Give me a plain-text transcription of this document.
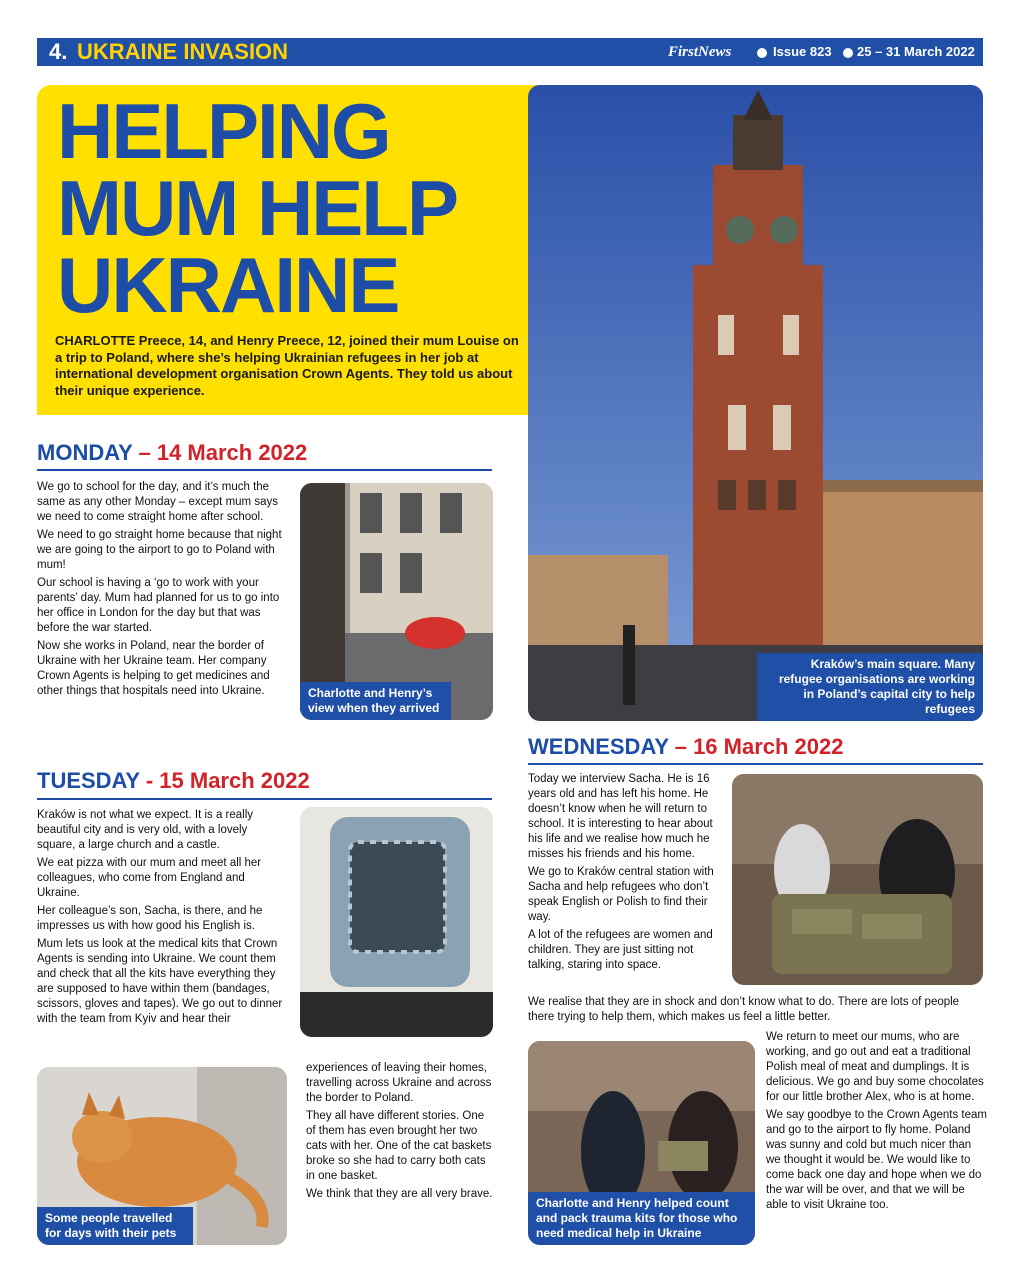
4. UKRAINE INVASION	FirstNews	Issue 823 25 – 31 March 2022
HELPING MUM HELP UKRAINE

CHARLOTTE Preece, 14, and Henry Preece, 12, joined their mum Louise on a trip to Poland, where she’s helping Ukrainian refugees in her job at international development organisation Crown Agents. They told us about their unique experience.

Kraków’s main square. Many refugee organisations are working in Poland’s capital city to help refugees
MONDAY – 14 March 2022

We go to school for the day, and it’s much the same as any other Monday – except mum says we need to come straight home after school.

We need to go straight home because that night we are going to the airport to go to Poland with mum!

Our school is having a ‘go to work with your parents’ day. Mum had planned for us to go into her office in London for the day but that was before the war started.

Now she works in Poland, near the border of Ukraine with her Ukraine team. Her company Crown Agents is helping to get medicines and other things that hospitals need into Ukraine.	Charlotte and Henry’s view when they arrived
TUESDAY - 15 March 2022

Kraków is not what we expect. It is a really beautiful city and is very old, with a lovely square, a large church and a castle.

We eat pizza with our mum and meet all her colleagues, who come from England and Ukraine.

Her colleague’s son, Sacha, is there, and he impresses us with how good his English is.

Mum lets us look at the medical kits that Crown Agents is sending into Ukraine. We count them and check that all the kits have everything they are supposed to have within them (bandages, scissors, gloves and tapes). We go out to dinner with the team from Kyiv and hear their

Some people travelled for days with their pets

experiences of leaving their homes, travelling across Ukraine and across the border to Poland.

They all have different stories. One of them has even brought her two cats with her. One of the cat baskets broke so she had to carry both cats in one basket.

We think that they are all very brave.

WEDNESDAY – 16 March 2022

Today we interview Sacha. He is 16 years old and has left his home. He doesn’t know when he will return to school. It is interesting to hear about his life and we realise how much he misses his friends and his home.

We go to Kraków central station with Sacha and help refugees who don’t speak English or Polish to find their way.

A lot of the refugees are women and children. They are just sitting not talking, staring into space.

We realise that they are in shock and don’t know what to do. There are lots of people there trying to help them, which makes us feel a little better.
Charlotte and Henry helped count and pack trauma kits for those who need medical help in Ukraine

We return to meet our mums, who are working, and go out and eat a traditional Polish meal of meat and dumplings. It is delicious. We go and buy some chocolates for our little brother Alex, who is at home.

We say goodbye to the Crown Agents team and go to the airport to fly home. Poland was sunny and cold but much nicer than we thought it would be. We would like to come back one day and hope when we do the war will be over, and that we will be able to visit Ukraine too.
